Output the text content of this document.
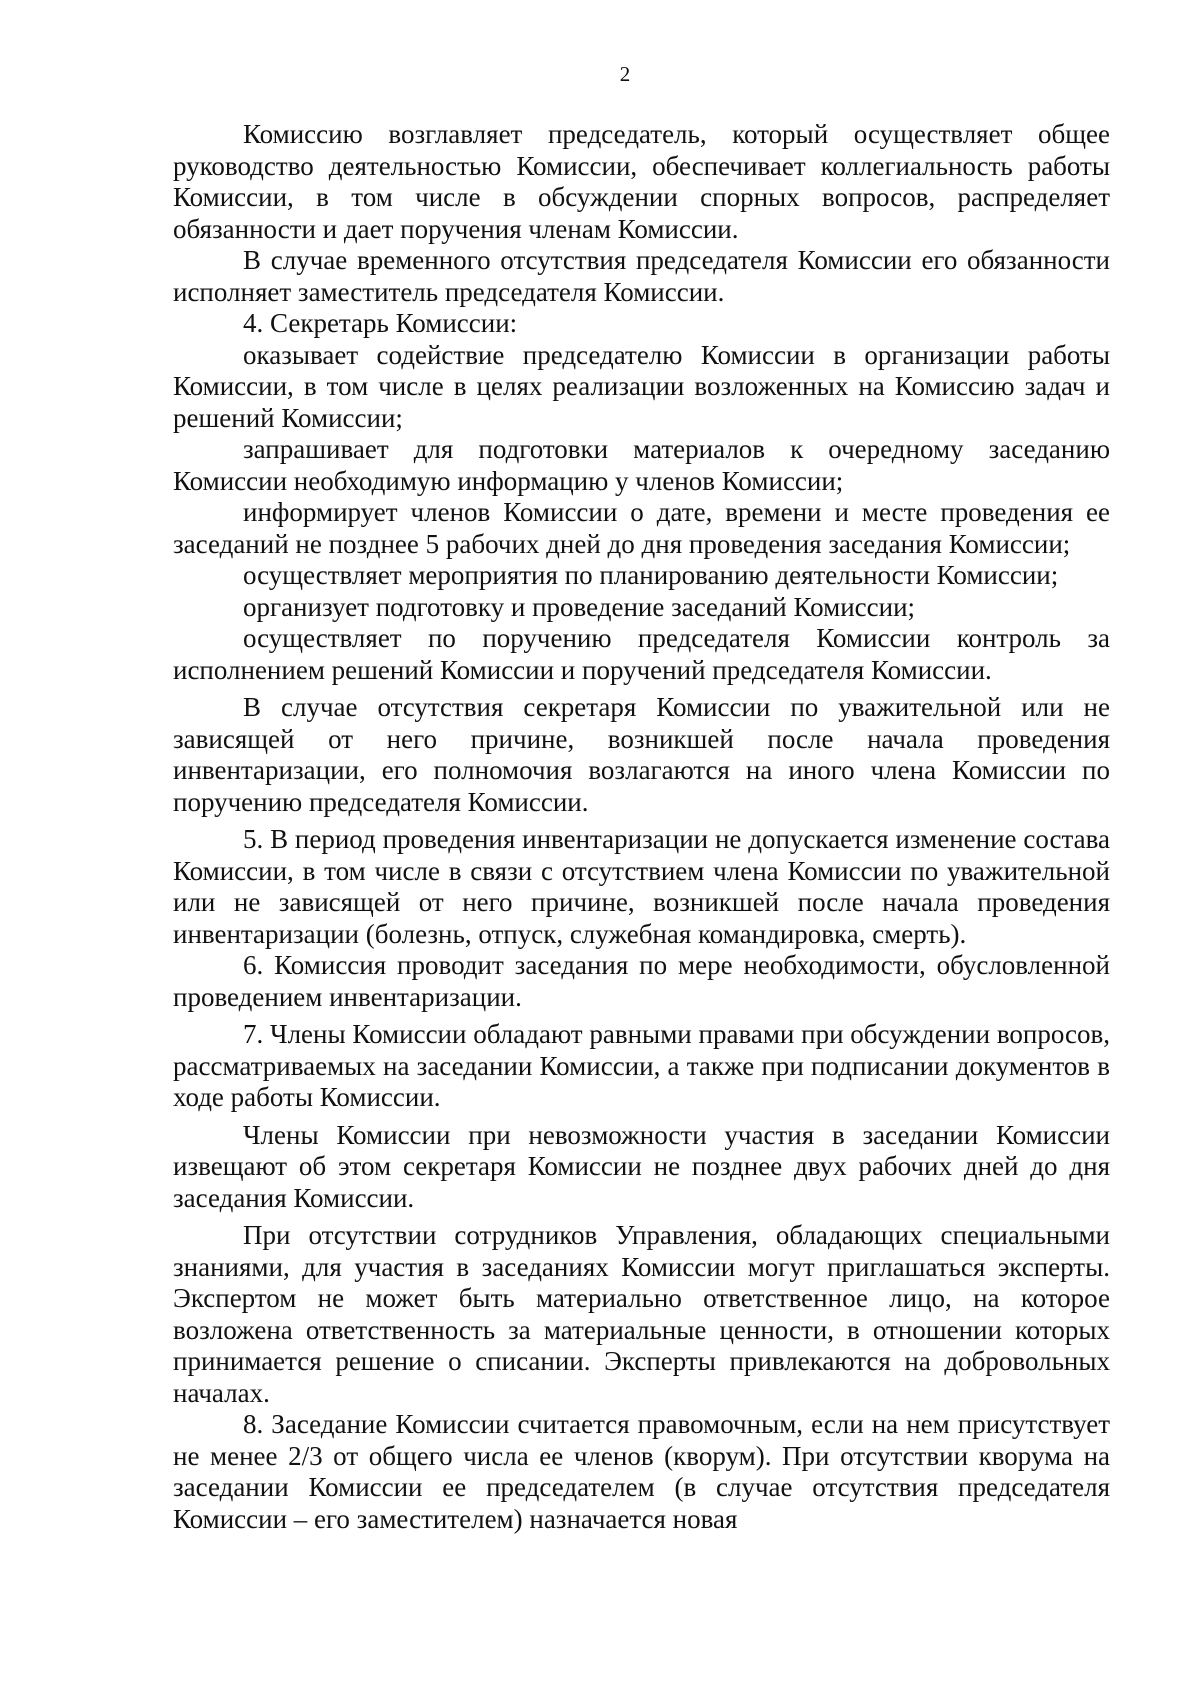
2

Комиссию возглавляет председатель, который осуществляет общее руководство деятельностью Комиссии, обеспечивает коллегиальность работы Комиссии, в том числе в обсуждении спорных вопросов, распределяет обязанности и дает поручения членам Комиссии.

В случае временного отсутствия председателя Комиссии его обязанности исполняет заместитель председателя Комиссии.

4. Секретарь Комиссии:

оказывает содействие председателю Комиссии в организации работы Комиссии, в том числе в целях реализации возложенных на Комиссию задач и решений Комиссии;

запрашивает для подготовки материалов к очередному заседанию Комиссии необходимую информацию у членов Комиссии;

информирует членов Комиссии о дате, времени и месте проведения ее заседаний не позднее 5 рабочих дней до дня проведения заседания Комиссии;

осуществляет мероприятия по планированию деятельности Комиссии;

организует подготовку и проведение заседаний Комиссии;

осуществляет по поручению председателя Комиссии контроль за исполнением решений Комиссии и поручений председателя Комиссии.

В случае отсутствия секретаря Комиссии по уважительной или не зависящей от него причине, возникшей после начала проведения инвентаризации, его полномочия возлагаются на иного члена Комиссии по поручению председателя Комиссии.

5. В период проведения инвентаризации не допускается изменение состава Комиссии, в том числе в связи с отсутствием члена Комиссии по уважительной или не зависящей от него причине, возникшей после начала проведения инвентаризации (болезнь, отпуск, служебная командировка, смерть).

6. Комиссия проводит заседания по мере необходимости, обусловленной проведением инвентаризации.

7. Члены Комиссии обладают равными правами при обсуждении вопросов, рассматриваемых на заседании Комиссии, а также при подписании документов в ходе работы Комиссии.

Члены Комиссии при невозможности участия в заседании Комиссии извещают об этом секретаря Комиссии не позднее двух рабочих дней до дня заседания Комиссии.

При отсутствии сотрудников Управления, обладающих специальными знаниями, для участия в заседаниях Комиссии могут приглашаться эксперты. Экспертом не может быть материально ответственное лицо, на которое возложена ответственность за материальные ценности, в отношении которых принимается решение о списании. Эксперты привлекаются на добровольных началах.

8. Заседание Комиссии считается правомочным, если на нем присутствует не менее 2/3 от общего числа ее членов (кворум). При отсутствии кворума на заседании Комиссии ее председателем (в случае отсутствия председателя Комиссии – его заместителем) назначается новая
